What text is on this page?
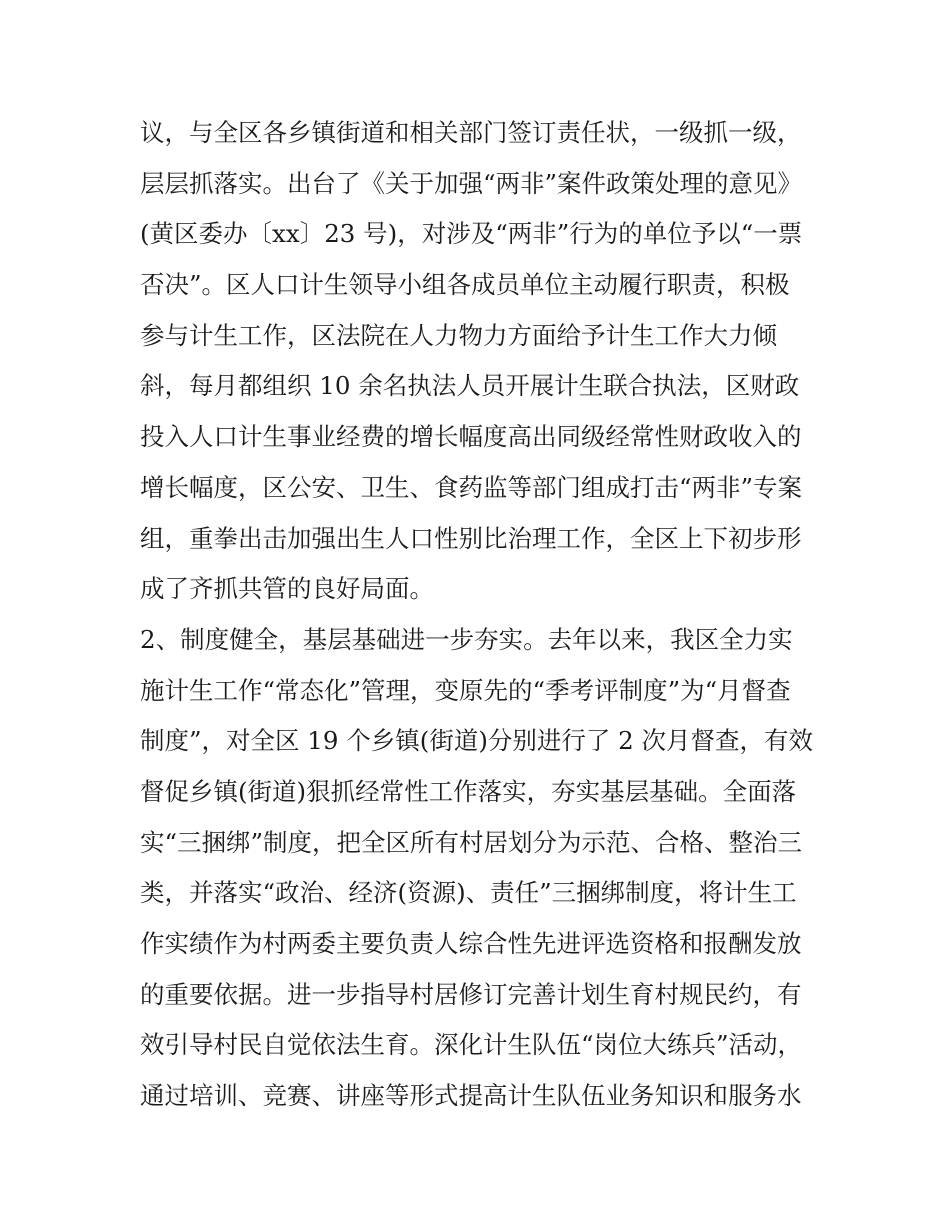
议，与全区各乡镇街道和相关部门签订责任状，一级抓一级，
层层抓落实。出台了《关于加强“两非”案件政策处理的意见》
(黄区委办〔xx〕23 号)，对涉及“两非”行为的单位予以“一票
否决”。区人口计生领导小组各成员单位主动履行职责，积极
参与计生工作，区法院在人力物力方面给予计生工作大力倾
斜，每月都组织 10 余名执法人员开展计生联合执法，区财政
投入人口计生事业经费的增长幅度高出同级经常性财政收入的
增长幅度，区公安、卫生、食药监等部门组成打击“两非”专案
组，重拳出击加强出生人口性别比治理工作，全区上下初步形
成了齐抓共管的良好局面。
2、制度健全，基层基础进一步夯实。去年以来，我区全力实
施计生工作“常态化”管理，变原先的“季考评制度”为“月督查
制度”，对全区 19 个乡镇(街道)分别进行了 2 次月督查，有效
督促乡镇(街道)狠抓经常性工作落实，夯实基层基础。全面落
实“三捆绑”制度，把全区所有村居划分为示范、合格、整治三
类，并落实“政治、经济(资源)、责任”三捆绑制度，将计生工
作实绩作为村两委主要负责人综合性先进评选资格和报酬发放
的重要依据。进一步指导村居修订完善计划生育村规民约，有
效引导村民自觉依法生育。深化计生队伍“岗位大练兵”活动，
通过培训、竞赛、讲座等形式提高计生队伍业务知识和服务水
